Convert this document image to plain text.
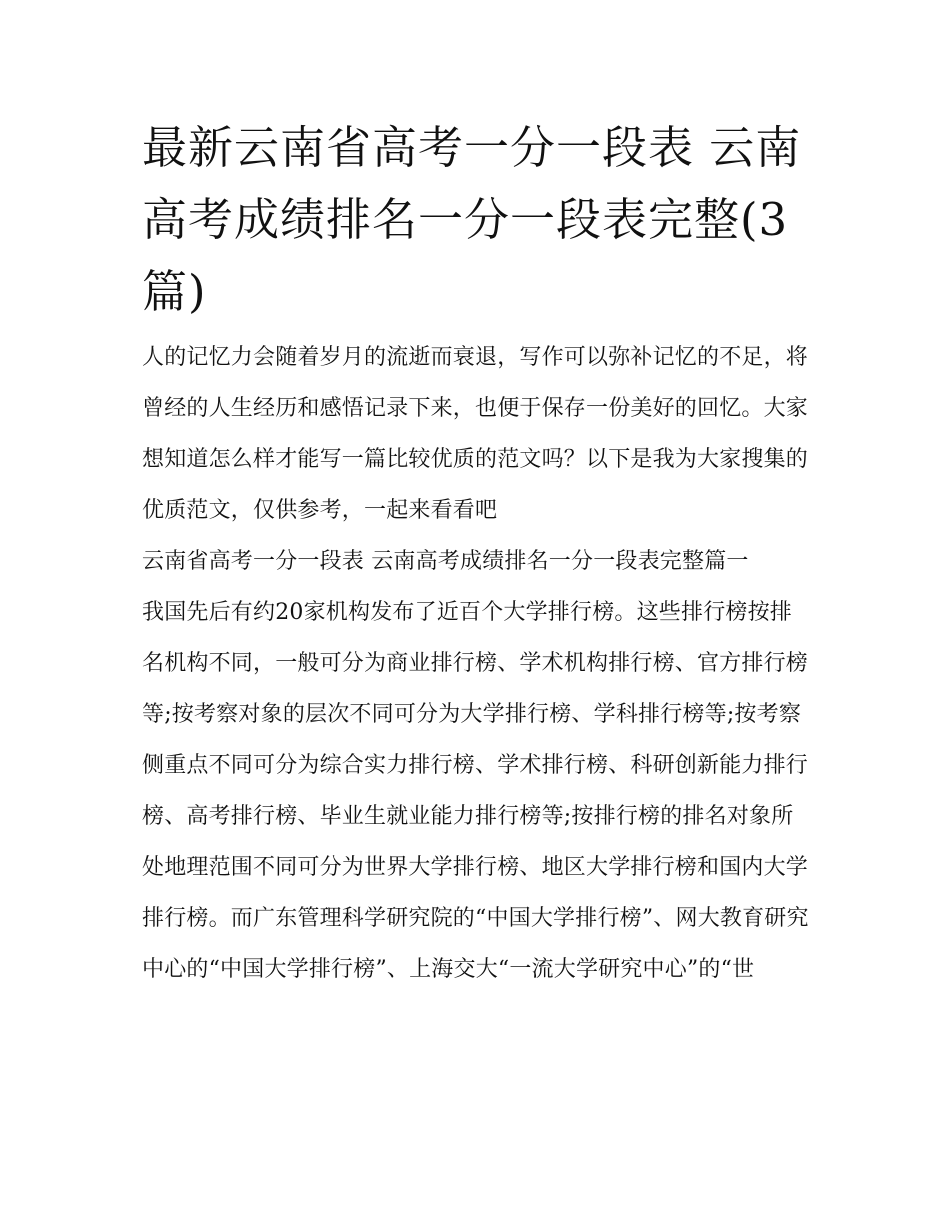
最新云南省高考一分一段表 云南高考成绩排名一分一段表完整(3篇)

人的记忆力会随着岁月的流逝而衰退，写作可以弥补记忆的不足，将曾经的人生经历和感悟记录下来，也便于保存一份美好的回忆。大家想知道怎么样才能写一篇比较优质的范文吗？以下是我为大家搜集的优质范文，仅供参考，一起来看看吧

云南省高考一分一段表 云南高考成绩排名一分一段表完整篇一

我国先后有约20家机构发布了近百个大学排行榜。这些排行榜按排名机构不同，一般可分为商业排行榜、学术机构排行榜、官方排行榜等;按考察对象的层次不同可分为大学排行榜、学科排行榜等;按考察侧重点不同可分为综合实力排行榜、学术排行榜、科研创新能力排行榜、高考排行榜、毕业生就业能力排行榜等;按排行榜的排名对象所处地理范围不同可分为世界大学排行榜、地区大学排行榜和国内大学排行榜。而广东管理科学研究院的“中国大学排行榜”、网大教育研究中心的“中国大学排行榜”、上海交大“一流大学研究中心”的“世
